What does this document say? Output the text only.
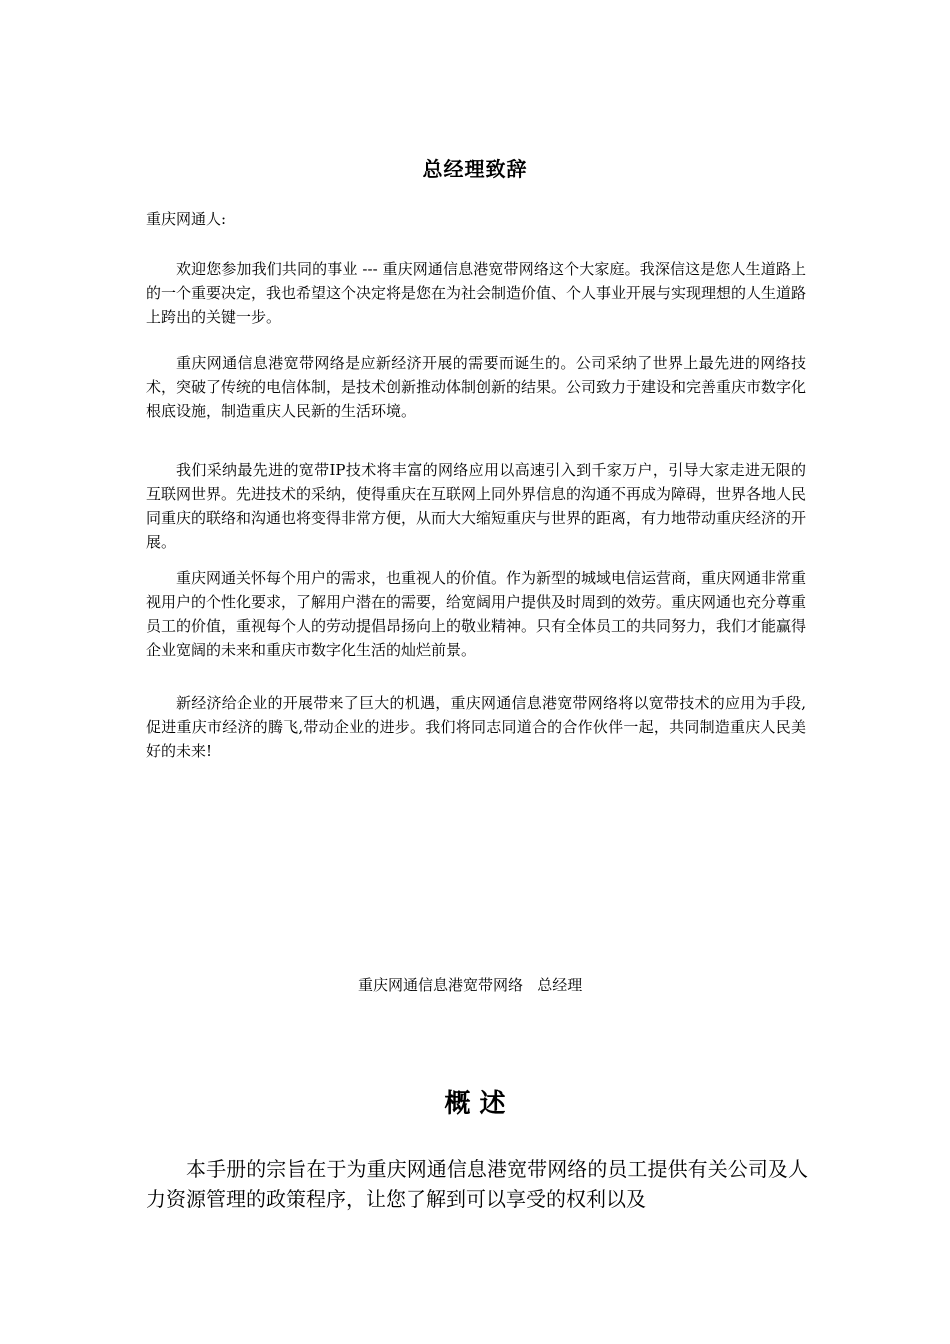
总经理致辞
重庆网通人:

欢迎您参加我们共同的事业 --- 重庆网通信息港宽带网络这个大家庭。我深信这是您人生道路上的一个重要决定，我也希望这个决定将是您在为社会制造价值、个人事业开展与实现理想的人生道路上跨出的关键一步。

重庆网通信息港宽带网络是应新经济开展的需要而诞生的。公司采纳了世界上最先进的网络技术，突破了传统的电信体制，是技术创新推动体制创新的结果。公司致力于建设和完善重庆市数字化根底设施，制造重庆人民新的生活环境。

我们采纳最先进的宽带IP技术将丰富的网络应用以高速引入到千家万户，引导大家走进无限的互联网世界。先进技术的采纳，使得重庆在互联网上同外界信息的沟通不再成为障碍，世界各地人民同重庆的联络和沟通也将变得非常方便，从而大大缩短重庆与世界的距离，有力地带动重庆经济的开展。

重庆网通关怀每个用户的需求，也重视人的价值。作为新型的城域电信运营商，重庆网通非常重视用户的个性化要求，了解用户潜在的需要，给宽阔用户提供及时周到的效劳。重庆网通也充分尊重员工的价值，重视每个人的劳动提倡昂扬向上的敬业精神。只有全体员工的共同努力，我们才能赢得企业宽阔的未来和重庆市数字化生活的灿烂前景。

新经济给企业的开展带来了巨大的机遇，重庆网通信息港宽带网络将以宽带技术的应用为手段,促进重庆市经济的腾飞,带动企业的进步。我们将同志同道合的合作伙伴一起，共同制造重庆人民美好的未来!

重庆网通信息港宽带网络   总经理
概 述

本手册的宗旨在于为重庆网通信息港宽带网络的员工提供有关公司及人力资源管理的政策程序，让您了解到可以享受的权利以及
